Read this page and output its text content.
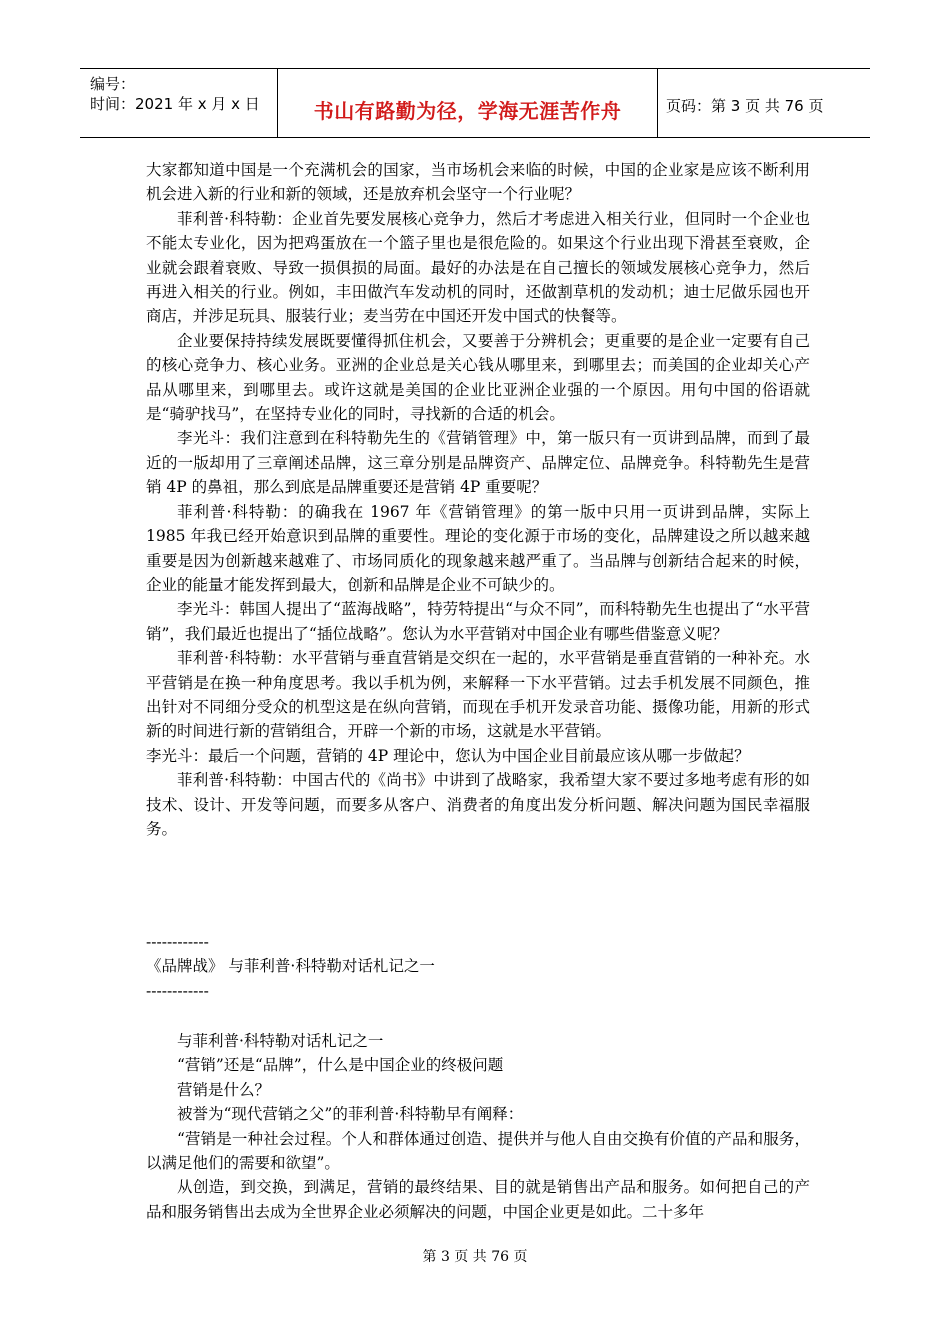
编号：
时间：2021 年 x 月 x 日	书山有路勤为径，学海无涯苦作舟	页码：第 3 页 共 76 页

大家都知道中国是一个充满机会的国家，当市场机会来临的时候，中国的企业家是应该不断利用机会进入新的行业和新的领域，还是放弃机会坚守一个行业呢？

菲利普·科特勒：企业首先要发展核心竞争力，然后才考虑进入相关行业，但同时一个企业也不能太专业化，因为把鸡蛋放在一个篮子里也是很危险的。如果这个行业出现下滑甚至衰败，企业就会跟着衰败、导致一损俱损的局面。最好的办法是在自己擅长的领域发展核心竞争力，然后再进入相关的行业。例如，丰田做汽车发动机的同时，还做割草机的发动机；迪士尼做乐园也开商店，并涉足玩具、服装行业；麦当劳在中国还开发中国式的快餐等。

企业要保持持续发展既要懂得抓住机会，又要善于分辨机会；更重要的是企业一定要有自己的核心竞争力、核心业务。亚洲的企业总是关心钱从哪里来，到哪里去；而美国的企业却关心产品从哪里来，到哪里去。或许这就是美国的企业比亚洲企业强的一个原因。用句中国的俗语就是“骑驴找马”，在坚持专业化的同时，寻找新的合适的机会。

李光斗：我们注意到在科特勒先生的《营销管理》中，第一版只有一页讲到品牌，而到了最近的一版却用了三章阐述品牌，这三章分别是品牌资产、品牌定位、品牌竞争。科特勒先生是营销 4P 的鼻祖，那么到底是品牌重要还是营销 4P 重要呢？

菲利普·科特勒：的确我在 1967 年《营销管理》的第一版中只用一页讲到品牌，实际上 1985 年我已经开始意识到品牌的重要性。理论的变化源于市场的变化，品牌建设之所以越来越重要是因为创新越来越难了、市场同质化的现象越来越严重了。当品牌与创新结合起来的时候，企业的能量才能发挥到最大，创新和品牌是企业不可缺少的。

李光斗：韩国人提出了“蓝海战略”，特劳特提出“与众不同”，而科特勒先生也提出了“水平营销”，我们最近也提出了“插位战略”。您认为水平营销对中国企业有哪些借鉴意义呢？

菲利普·科特勒：水平营销与垂直营销是交织在一起的，水平营销是垂直营销的一种补充。水平营销是在换一种角度思考。我以手机为例，来解释一下水平营销。过去手机发展不同颜色，推出针对不同细分受众的机型这是在纵向营销，而现在手机开发录音功能、摄像功能，用新的形式新的时间进行新的营销组合，开辟一个新的市场，这就是水平营销。

李光斗：最后一个问题，营销的 4P 理论中，您认为中国企业目前最应该从哪一步做起？

菲利普·科特勒：中国古代的《尚书》中讲到了战略家，我希望大家不要过多地考虑有形的如技术、设计、开发等问题，而要多从客户、消费者的角度出发分析问题、解决问题为国民幸福服务。

------------
《品牌战》 与菲利普·科特勒对话札记之一
------------

与菲利普·科特勒对话札记之一

“营销”还是“品牌”，什么是中国企业的终极问题

营销是什么？

被誉为“现代营销之父”的菲利普·科特勒早有阐释：

“营销是一种社会过程。个人和群体通过创造、提供并与他人自由交换有价值的产品和服务，以满足他们的需要和欲望”。

从创造，到交换，到满足，营销的最终结果、目的就是销售出产品和服务。如何把自己的产品和服务销售出去成为全世界企业必须解决的问题，中国企业更是如此。二十多年

第 3 页 共 76 页
